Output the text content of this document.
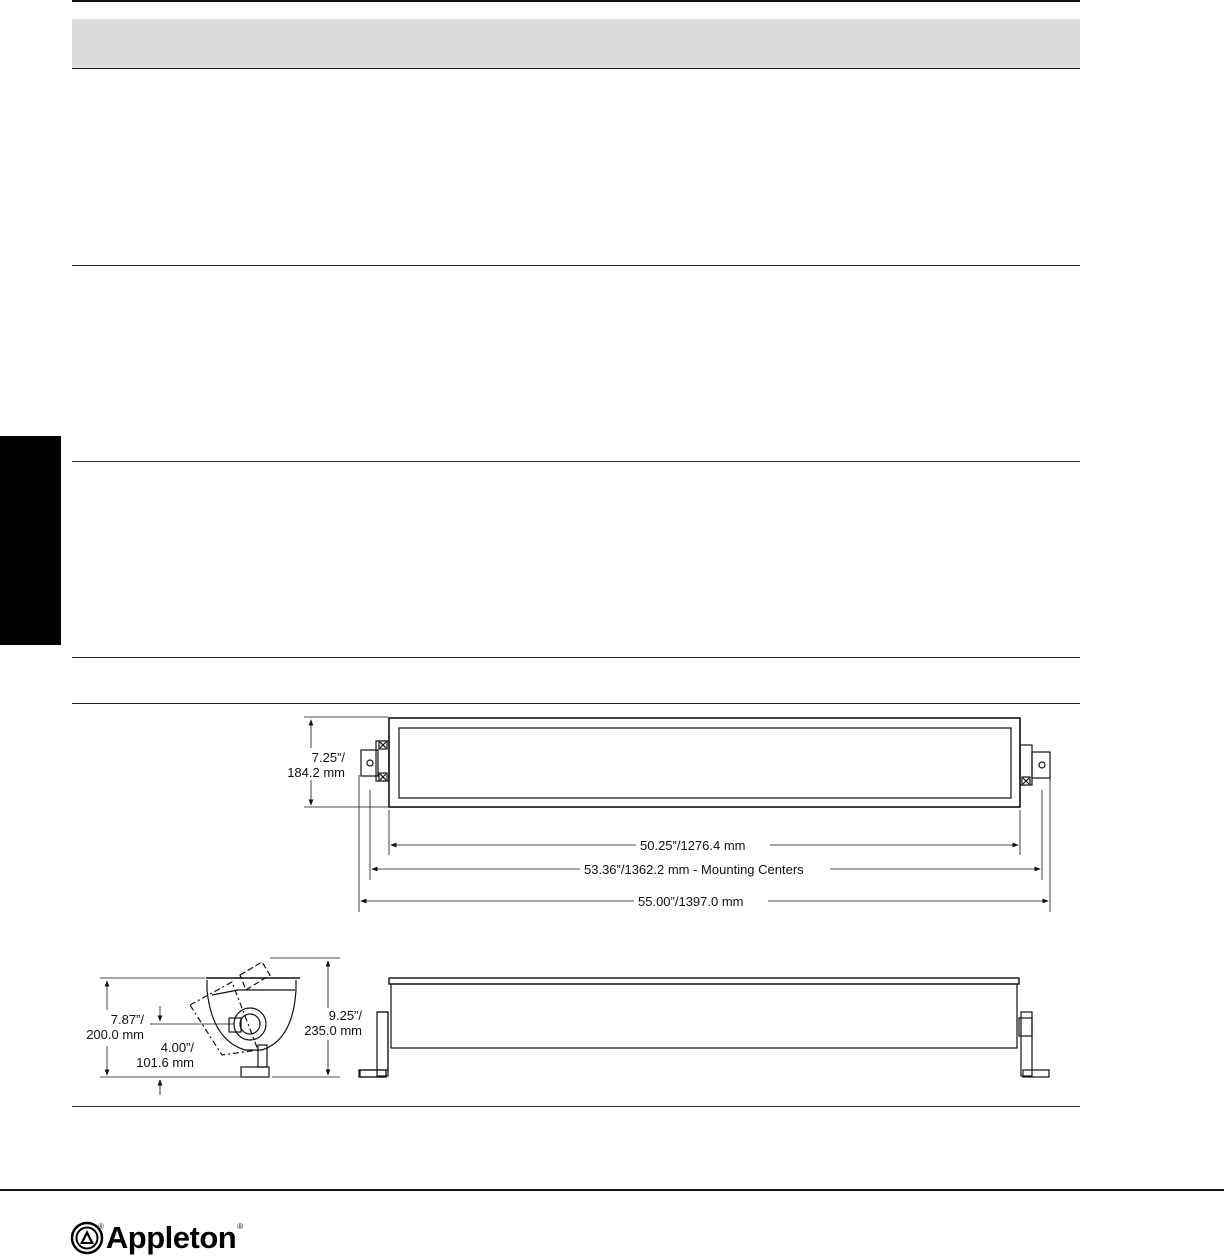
7.25”/
184.2 mm
50.25”/1276.4 mm
53.36”/1362.2 mm - Mounting Centers
55.00”/1397.0 mm
7.87”/
200.0 mm
4.00”/
101.6 mm
9.25”/
235.0 mm
® Appleton ®
